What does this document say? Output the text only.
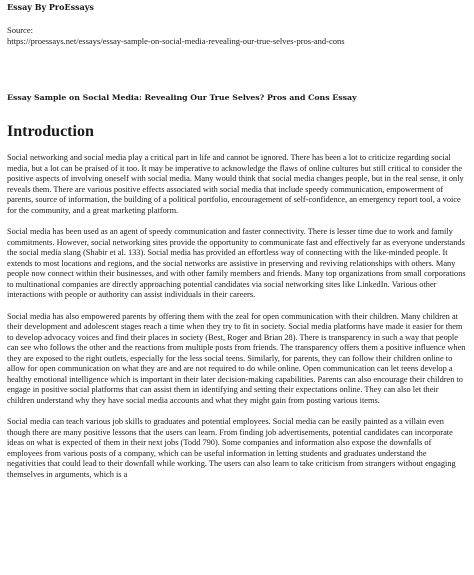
Essay By ProEssays
Source:
https://proessays.net/essays/essay-sample-on-social-media-revealing-our-true-selves-pros-and-cons
Essay Sample on Social Media: Revealing Our True Selves? Pros and Cons Essay
Introduction

Social networking and social media play a critical part in life and cannot be ignored. There has been a lot to criticize regarding social media, but a lot can be praised of it too. It may be imperative to acknowledge the flaws of online cultures but still critical to consider the positive aspects of involving oneself with social media. Many would think that social media changes people, but in the real sense, it only reveals them. There are various positive effects associated with social media that include speedy communication, empowerment of parents, source of information, the building of a political portfolio, encouragement of self-confidence, an emergency report tool, a voice for the community, and a great marketing platform.

Social media has been used as an agent of speedy communication and faster connectivity. There is lesser time due to work and family commitments. However, social networking sites provide the opportunity to communicate fast and effectively far as everyone understands the social media slang (Shabir et al. 133). Social media has provided an effortless way of connecting with the like-minded people. It extends to most locations and regions, and the social networks are assistive in preserving and reviving relationships with others. Many people now connect within their businesses, and with other family members and friends. Many top organizations from small corporations to multinational companies are directly approaching potential candidates via social networking sites like LinkedIn. Various other interactions with people or authority can assist individuals in their careers.

Social media has also empowered parents by offering them with the zeal for open communication with their children. Many children at their development and adolescent stages reach a time when they try to fit in society. Social media platforms have made it easier for them to develop advocacy voices and find their places in society (Best, Roger and Brian 28). There is transparency in such a way that people can see who follows the other and the reactions from multiple posts from friends. The transparency offers them a positive influence when they are exposed to the right outlets, especially for the less social teens. Similarly, for parents, they can follow their children online to allow for open communication on what they are and are not required to do while online. Open communication can let teens develop a healthy emotional intelligence which is important in their later decision-making capabilities. Parents can also encourage their children to engage in positive social platforms that can assist them in identifying and setting their expectations online. They can also let their children understand why they have social media accounts and what they might gain from posting various items.

Social media can teach various job skills to graduates and potential employees. Social media can be easily painted as a villain even though there are many positive lessons that the users can learn. From finding job advertisements, potential candidates can incorporate ideas on what is expected of them in their next jobs (Todd 790). Some companies and information also expose the downfalls of employees from various posts of a company, which can be useful information in letting students and graduates understand the negativities that could lead to their downfall while working. The users can also learn to take criticism from strangers without engaging themselves in arguments, which is a
